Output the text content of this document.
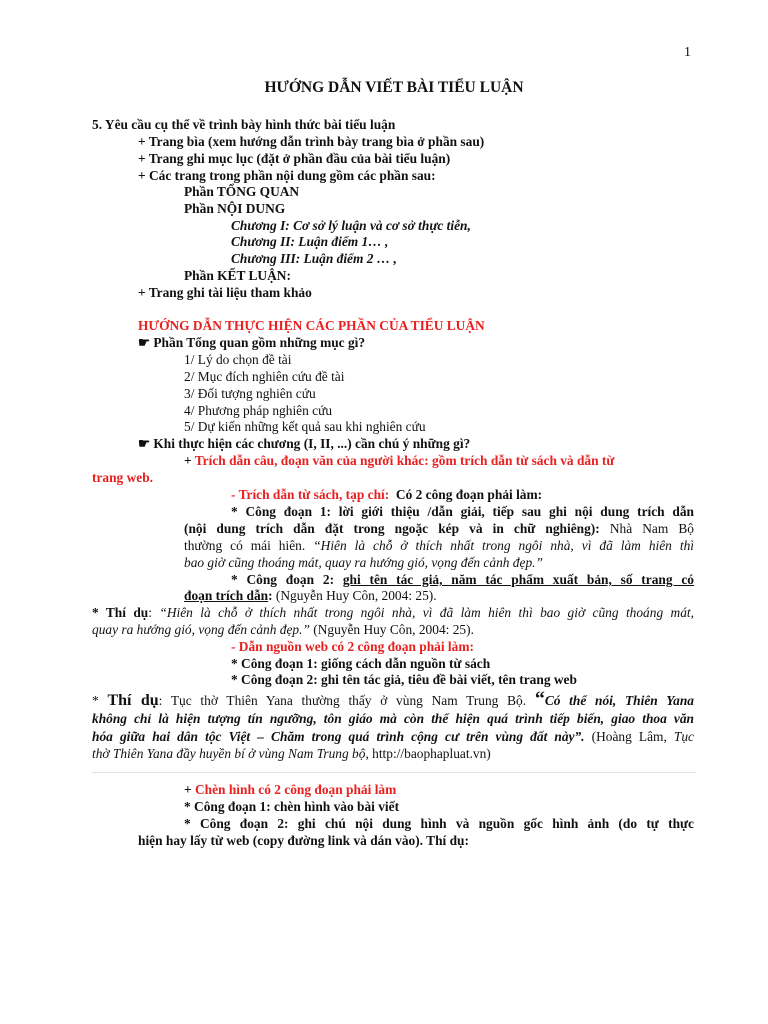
1
HƯỚNG DẪN VIẾT BÀI TIỂU LUẬN
5. Yêu cầu cụ thể về trình bày hình thức bài tiểu luận
+ Trang bìa (xem hướng dẫn trình bày trang bìa ở phần sau)
+ Trang ghi mục lục (đặt ở phần đầu của bài tiểu luận)
+ Các trang trong phần nội dung gồm các phần sau:
Phần TỔNG QUAN
Phần NỘI DUNG
Chương I: Cơ sở lý luận và cơ sở thực tiễn,
Chương II: Luận điểm 1… ,
Chương III: Luận điểm 2 … ,
Phần KẾT LUẬN:
+ Trang ghi tài liệu tham khảo
HƯỚNG DẪN THỰC HIỆN CÁC PHẦN CỦA TIỂU LUẬN
☛ Phần Tổng quan gồm những mục gì?
1/ Lý do chọn đề tài
2/ Mục đích nghiên cứu đề tài
3/ Đối tượng nghiên cứu
4/ Phương pháp nghiên cứu
5/ Dự kiến những kết quả sau khi nghiên cứu
☛ Khi thực hiện các chương (I, II, ...) cần chú ý những gì?
+ Trích dẫn câu, đoạn văn của người khác: gồm trích dẫn từ sách và dẫn từ
trang web.
- Trích dẫn từ sách, tạp chí: Có 2 công đoạn phải làm:
* Công đoạn 1: lời giới thiệu /dẫn giải, tiếp sau ghi nội dung trích dẫn
(nội dung trích dẫn đặt trong ngoặc kép và in chữ nghiêng): Nhà Nam Bộ
thường có mái hiên. “Hiên là chỗ ở thích nhất trong ngôi nhà, vì đã làm hiên thì
bao giờ cũng thoáng mát, quay ra hướng gió, vọng đến cảnh đẹp.”
* Công đoạn 2: ghi tên tác giả, năm tác phẩm xuất bản, số trang có
đoạn trích dẫn: (Nguyễn Huy Côn, 2004: 25).
* Thí dụ: “Hiên là chỗ ở thích nhất trong ngôi nhà, vì đã làm hiên thì bao giờ cũng thoáng mát,
quay ra hướng gió, vọng đến cảnh đẹp.” (Nguyễn Huy Côn, 2004: 25).
- Dẫn nguồn web có 2 công đoạn phải làm:
* Công đoạn 1: giống cách dẫn nguồn từ sách
* Công đoạn 2: ghi tên tác giả, tiêu đề bài viết, tên trang web
* Thí dụ: Tục thờ Thiên Yana thường thấy ở vùng Nam Trung Bộ. “Có thể nói, Thiên Yana
không chỉ là hiện tượng tín ngưỡng, tôn giáo mà còn thể hiện quá trình tiếp biến, giao thoa văn
hóa giữa hai dân tộc Việt – Chăm trong quá trình cộng cư trên vùng đất này”. (Hoàng Lâm, Tục
thờ Thiên Yana đầy huyền bí ở vùng Nam Trung bộ, http://baophapluat.vn)
+ Chèn hình có 2 công đoạn phải làm
* Công đoạn 1: chèn hình vào bài viết
* Công đoạn 2: ghi chú nội dung hình và nguồn gốc hình ảnh (do tự thực
hiện hay lấy từ web (copy đường link và dán vào). Thí dụ:
